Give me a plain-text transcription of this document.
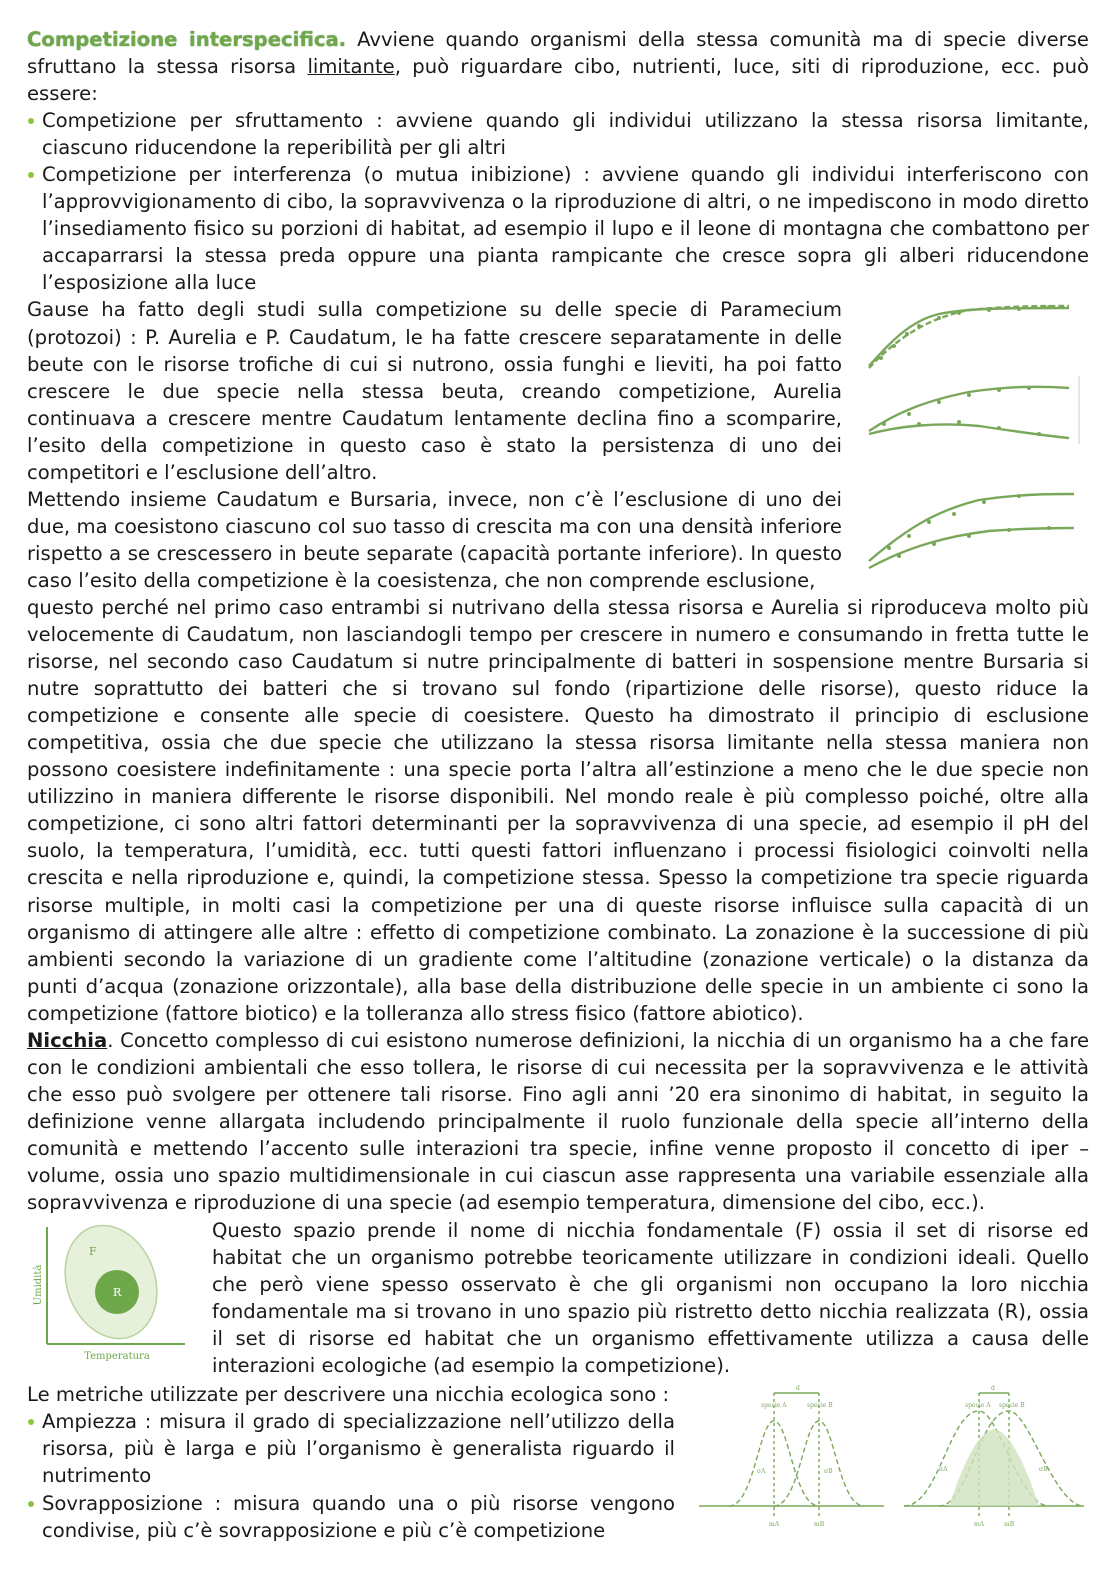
Competizione interspecifica. Avviene quando organismi della stessa comunità ma di specie diverse sfruttano la stessa risorsa limitante, può riguardare cibo, nutrienti, luce, siti di riproduzione, ecc. può essere:

Competizione per sfruttamento : avviene quando gli individui utilizzano la stessa risorsa limitante, ciascuno riducendone la reperibilità per gli altri
Competizione per interferenza (o mutua inibizione) : avviene quando gli individui interferiscono con l’approvvigionamento di cibo, la sopravvivenza o la riproduzione di altri, o ne impediscono in modo diretto l’insediamento fisico su porzioni di habitat, ad esempio il lupo e il leone di montagna che combattono per accaparrarsi la stessa preda oppure una pianta rampicante che cresce sopra gli alberi riducendone l’esposizione alla luce

Gause ha fatto degli studi sulla competizione su delle specie di Paramecium (protozoi) : P. Aurelia e P. Caudatum, le ha fatte crescere separatamente in delle beute con le risorse trofiche di cui si nutrono, ossia funghi e lieviti, ha poi fatto crescere le due specie nella stessa beuta, creando competizione, Aurelia continuava a crescere mentre Caudatum lentamente declina fino a scomparire, l’esito della competizione in questo caso è stato la persistenza di uno dei competitori e l’esclusione dell’altro.

Mettendo insieme Caudatum e Bursaria, invece, non c’è l’esclusione di uno dei due, ma coesistono ciascuno col suo tasso di crescita ma con una densità inferiore rispetto a se crescessero in beute separate (capacità portante inferiore). In questo caso l’esito della competizione è la coesistenza, che non comprende esclusione,

questo perché nel primo caso entrambi si nutrivano della stessa risorsa e Aurelia si riproduceva molto più velocemente di Caudatum, non lasciandogli tempo per crescere in numero e consumando in fretta tutte le risorse, nel secondo caso Caudatum si nutre principalmente di batteri in sospensione mentre Bursaria si nutre soprattutto dei batteri che si trovano sul fondo (ripartizione delle risorse), questo riduce la competizione e consente alle specie di coesistere. Questo ha dimostrato il principio di esclusione competitiva, ossia che due specie che utilizzano la stessa risorsa limitante nella stessa maniera non possono coesistere indefinitamente : una specie porta l’altra all’estinzione a meno che le due specie non utilizzino in maniera differente le risorse disponibili. Nel mondo reale è più complesso poiché, oltre alla competizione, ci sono altri fattori determinanti per la sopravvivenza di una specie, ad esempio il pH del suolo, la temperatura, l’umidità, ecc. tutti questi fattori influenzano i processi fisiologici coinvolti nella crescita e nella riproduzione e, quindi, la competizione stessa. Spesso la competizione tra specie riguarda risorse multiple, in molti casi la competizione per una di queste risorse influisce sulla capacità di un organismo di attingere alle altre : effetto di competizione combinato. La zonazione è la successione di più ambienti secondo la variazione di un gradiente come l’altitudine (zonazione verticale) o la distanza da punti d’acqua (zonazione orizzontale), alla base della distribuzione delle specie in un ambiente ci sono la competizione (fattore biotico) e la tolleranza allo stress fisico (fattore abiotico).

Nicchia. Concetto complesso di cui esistono numerose definizioni, la nicchia di un organismo ha a che fare con le condizioni ambientali che esso tollera, le risorse di cui necessita per la sopravvivenza e le attività che esso può svolgere per ottenere tali risorse. Fino agli anni ’20 era sinonimo di habitat, in seguito la definizione venne allargata includendo principalmente il ruolo funzionale della specie all’interno della comunità e mettendo l’accento sulle interazioni tra specie, infine venne proposto il concetto di iper – volume, ossia uno spazio multidimensionale in cui ciascun asse rappresenta una variabile essenziale alla sopravvivenza e riproduzione di una specie (ad esempio temperatura, dimensione del cibo, ecc.).

F
R
Umidità
Temperatura

Questo spazio prende il nome di nicchia fondamentale (F) ossia il set di risorse ed habitat che un organismo potrebbe teoricamente utilizzare in condizioni ideali. Quello che però viene spesso osservato è che gli organismi non occupano la loro nicchia fondamentale ma si trovano in uno spazio più ristretto detto nicchia realizzata (R), ossia il set di risorse ed habitat che un organismo effettivamente utilizza a causa delle interazioni ecologiche (ad esempio la competizione).

Le metriche utilizzate per descrivere una nicchia ecologica sono :

Ampiezza : misura il grado di specializzazione nell’utilizzo della risorsa, più è larga e più l’organismo è generalista riguardo il nutrimento
Sovrapposizione : misura quando una o più risorse vengono condivise, più c’è sovrapposizione e più c’è competizione
d
specie A	specie B
σA	σB
mA	mB
d
specie A specie B
σA	σB
mA	mB
